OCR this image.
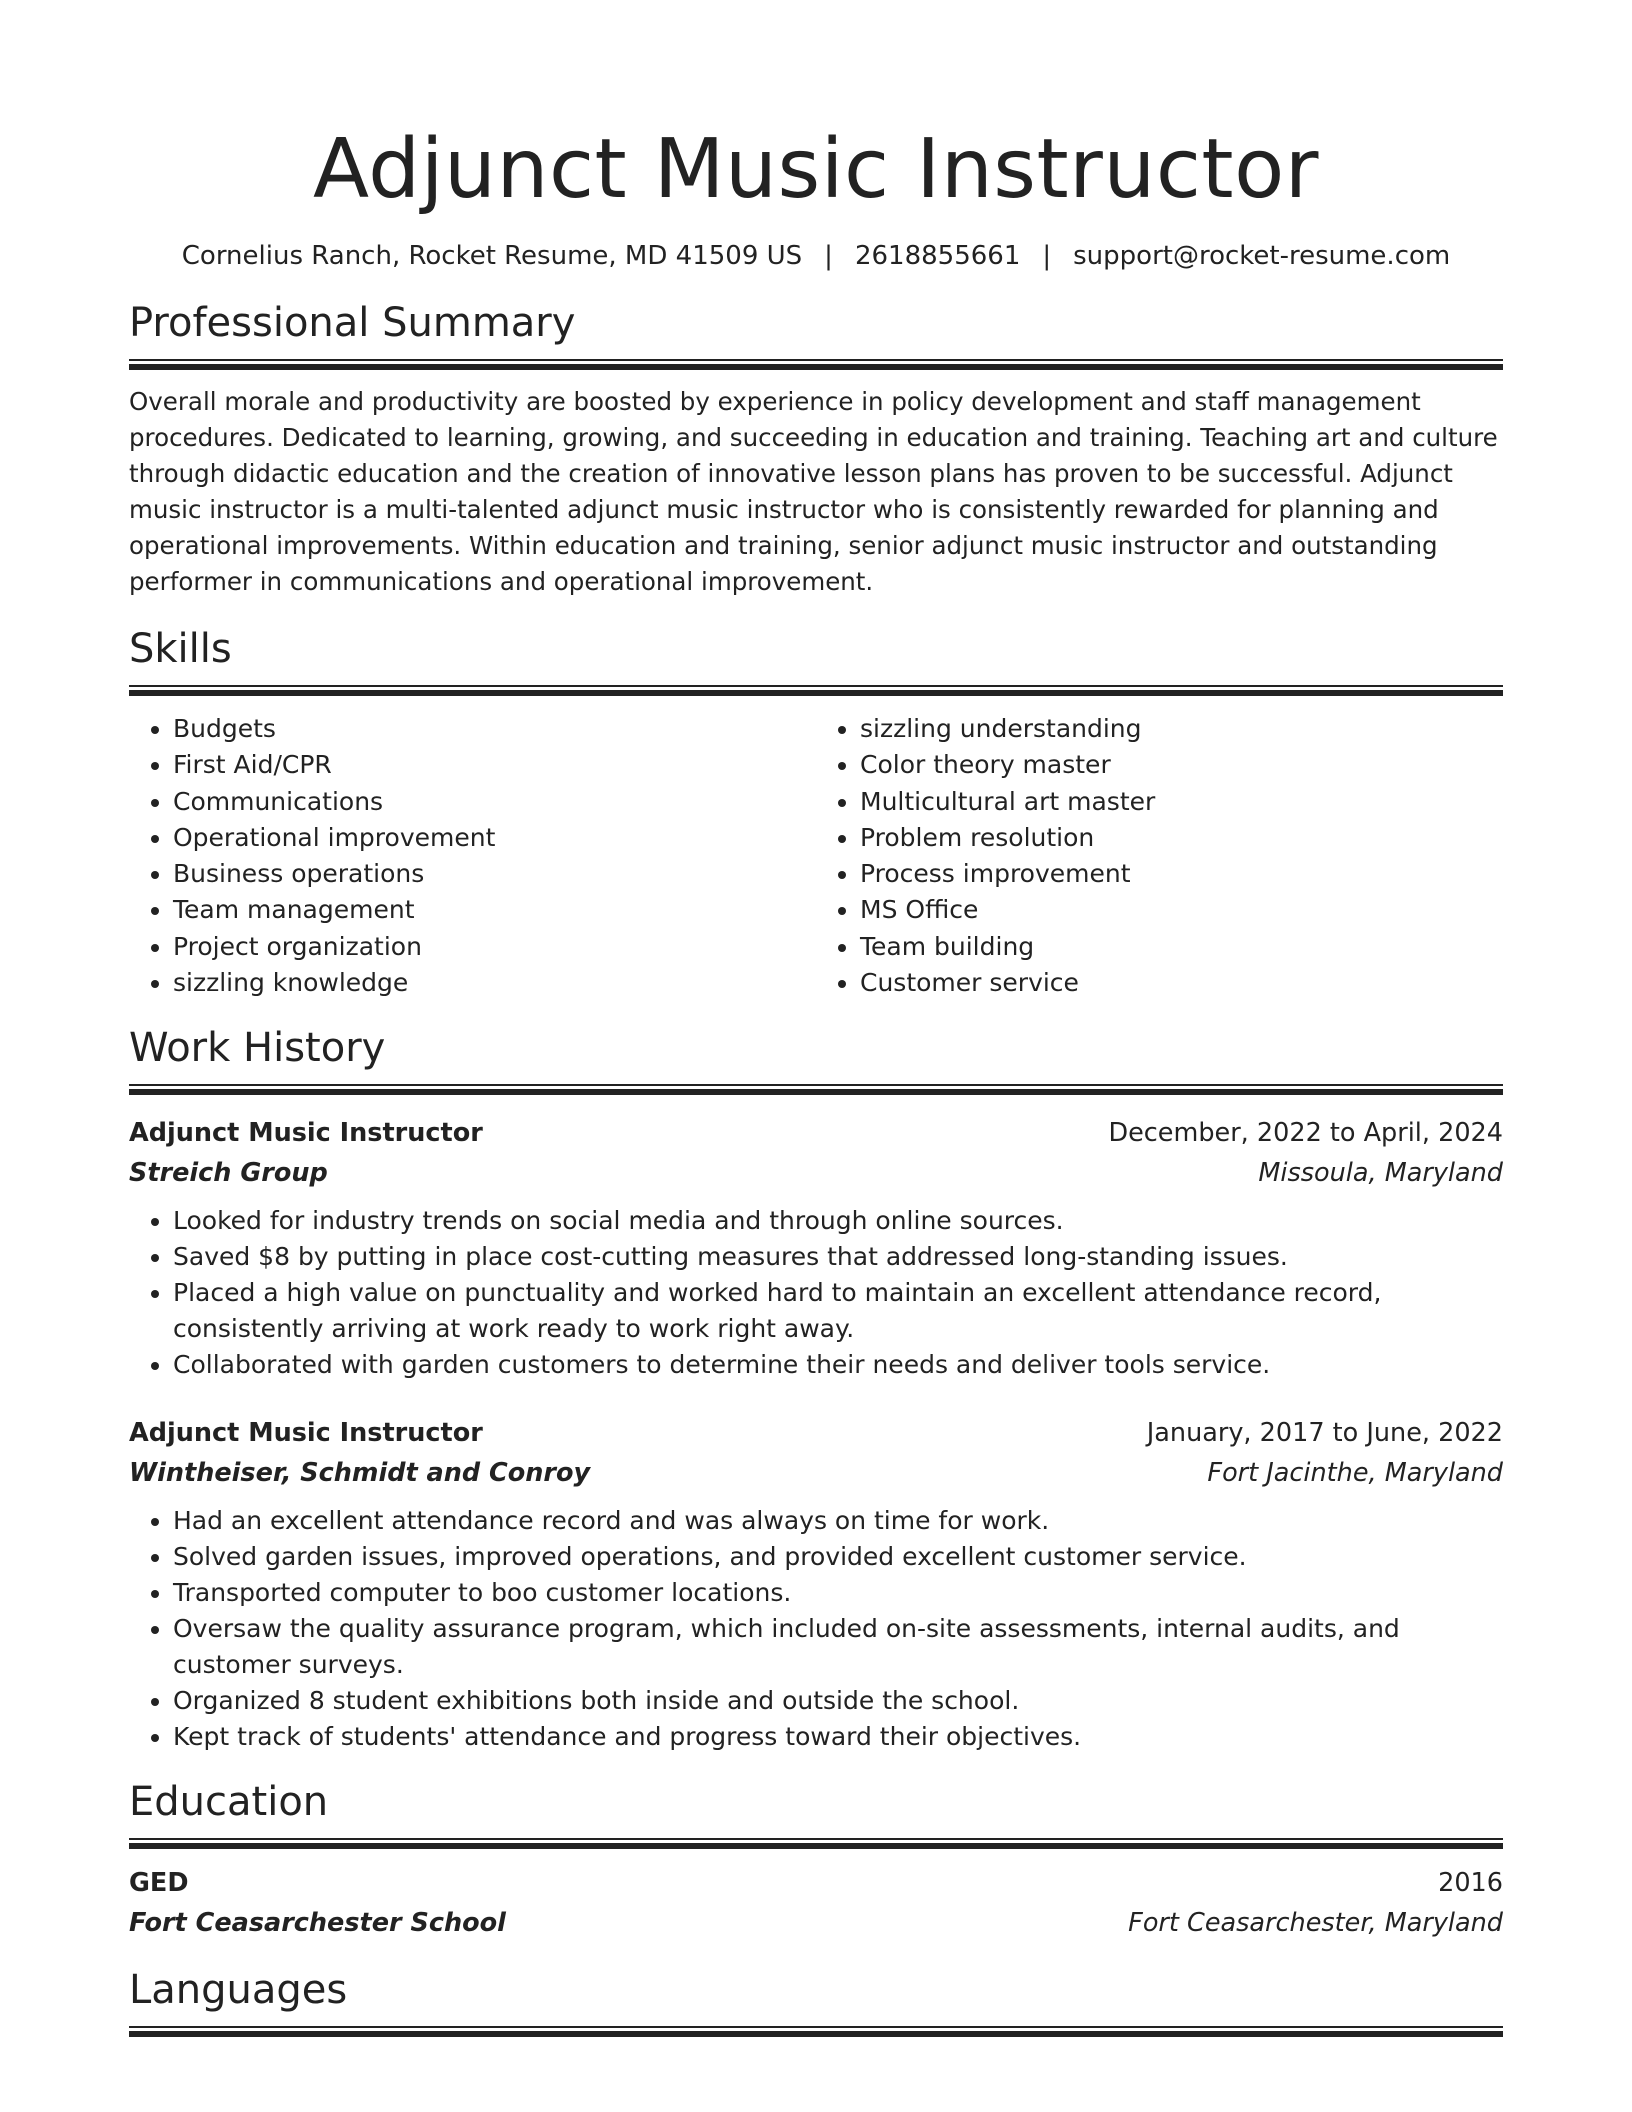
Adjunct Music Instructor
Cornelius Ranch, Rocket Resume, MD 41509 US | 2618855661 | support@rocket-resume.com
Professional Summary

Overall morale and productivity are boosted by experience in policy development and staff management procedures. Dedicated to learning, growing, and succeeding in education and training. Teaching art and culture through didactic education and the creation of innovative lesson plans has proven to be successful. Adjunct music instructor is a multi-talented adjunct music instructor who is consistently rewarded for planning and operational improvements. Within education and training, senior adjunct music instructor and outstanding performer in communications and operational improvement.

Skills
• Budgets
• First Aid/CPR
• Communications
• Operational improvement
• Business operations
• Team management
• Project organization
• sizzling knowledge
• sizzling understanding
• Color theory master
• Multicultural art master
• Problem resolution
• Process improvement
• MS Office
• Team building
• Customer service
Work History
Adjunct Music Instructor	December, 2022 to April, 2024
Streich Group	Missoula, Maryland
• Looked for industry trends on social media and through online sources.
• Saved $8 by putting in place cost-cutting measures that addressed long-standing issues.
• Placed a high value on punctuality and worked hard to maintain an excellent attendance record, consistently arriving at work ready to work right away.
• Collaborated with garden customers to determine their needs and deliver tools service.
Adjunct Music Instructor	January, 2017 to June, 2022
Wintheiser, Schmidt and Conroy	Fort Jacinthe, Maryland
• Had an excellent attendance record and was always on time for work.
• Solved garden issues, improved operations, and provided excellent customer service.
• Transported computer to boo customer locations.
• Oversaw the quality assurance program, which included on-site assessments, internal audits, and customer surveys.
• Organized 8 student exhibitions both inside and outside the school.
• Kept track of students' attendance and progress toward their objectives.
Education
GED	2016
Fort Ceasarchester School	Fort Ceasarchester, Maryland
Languages
